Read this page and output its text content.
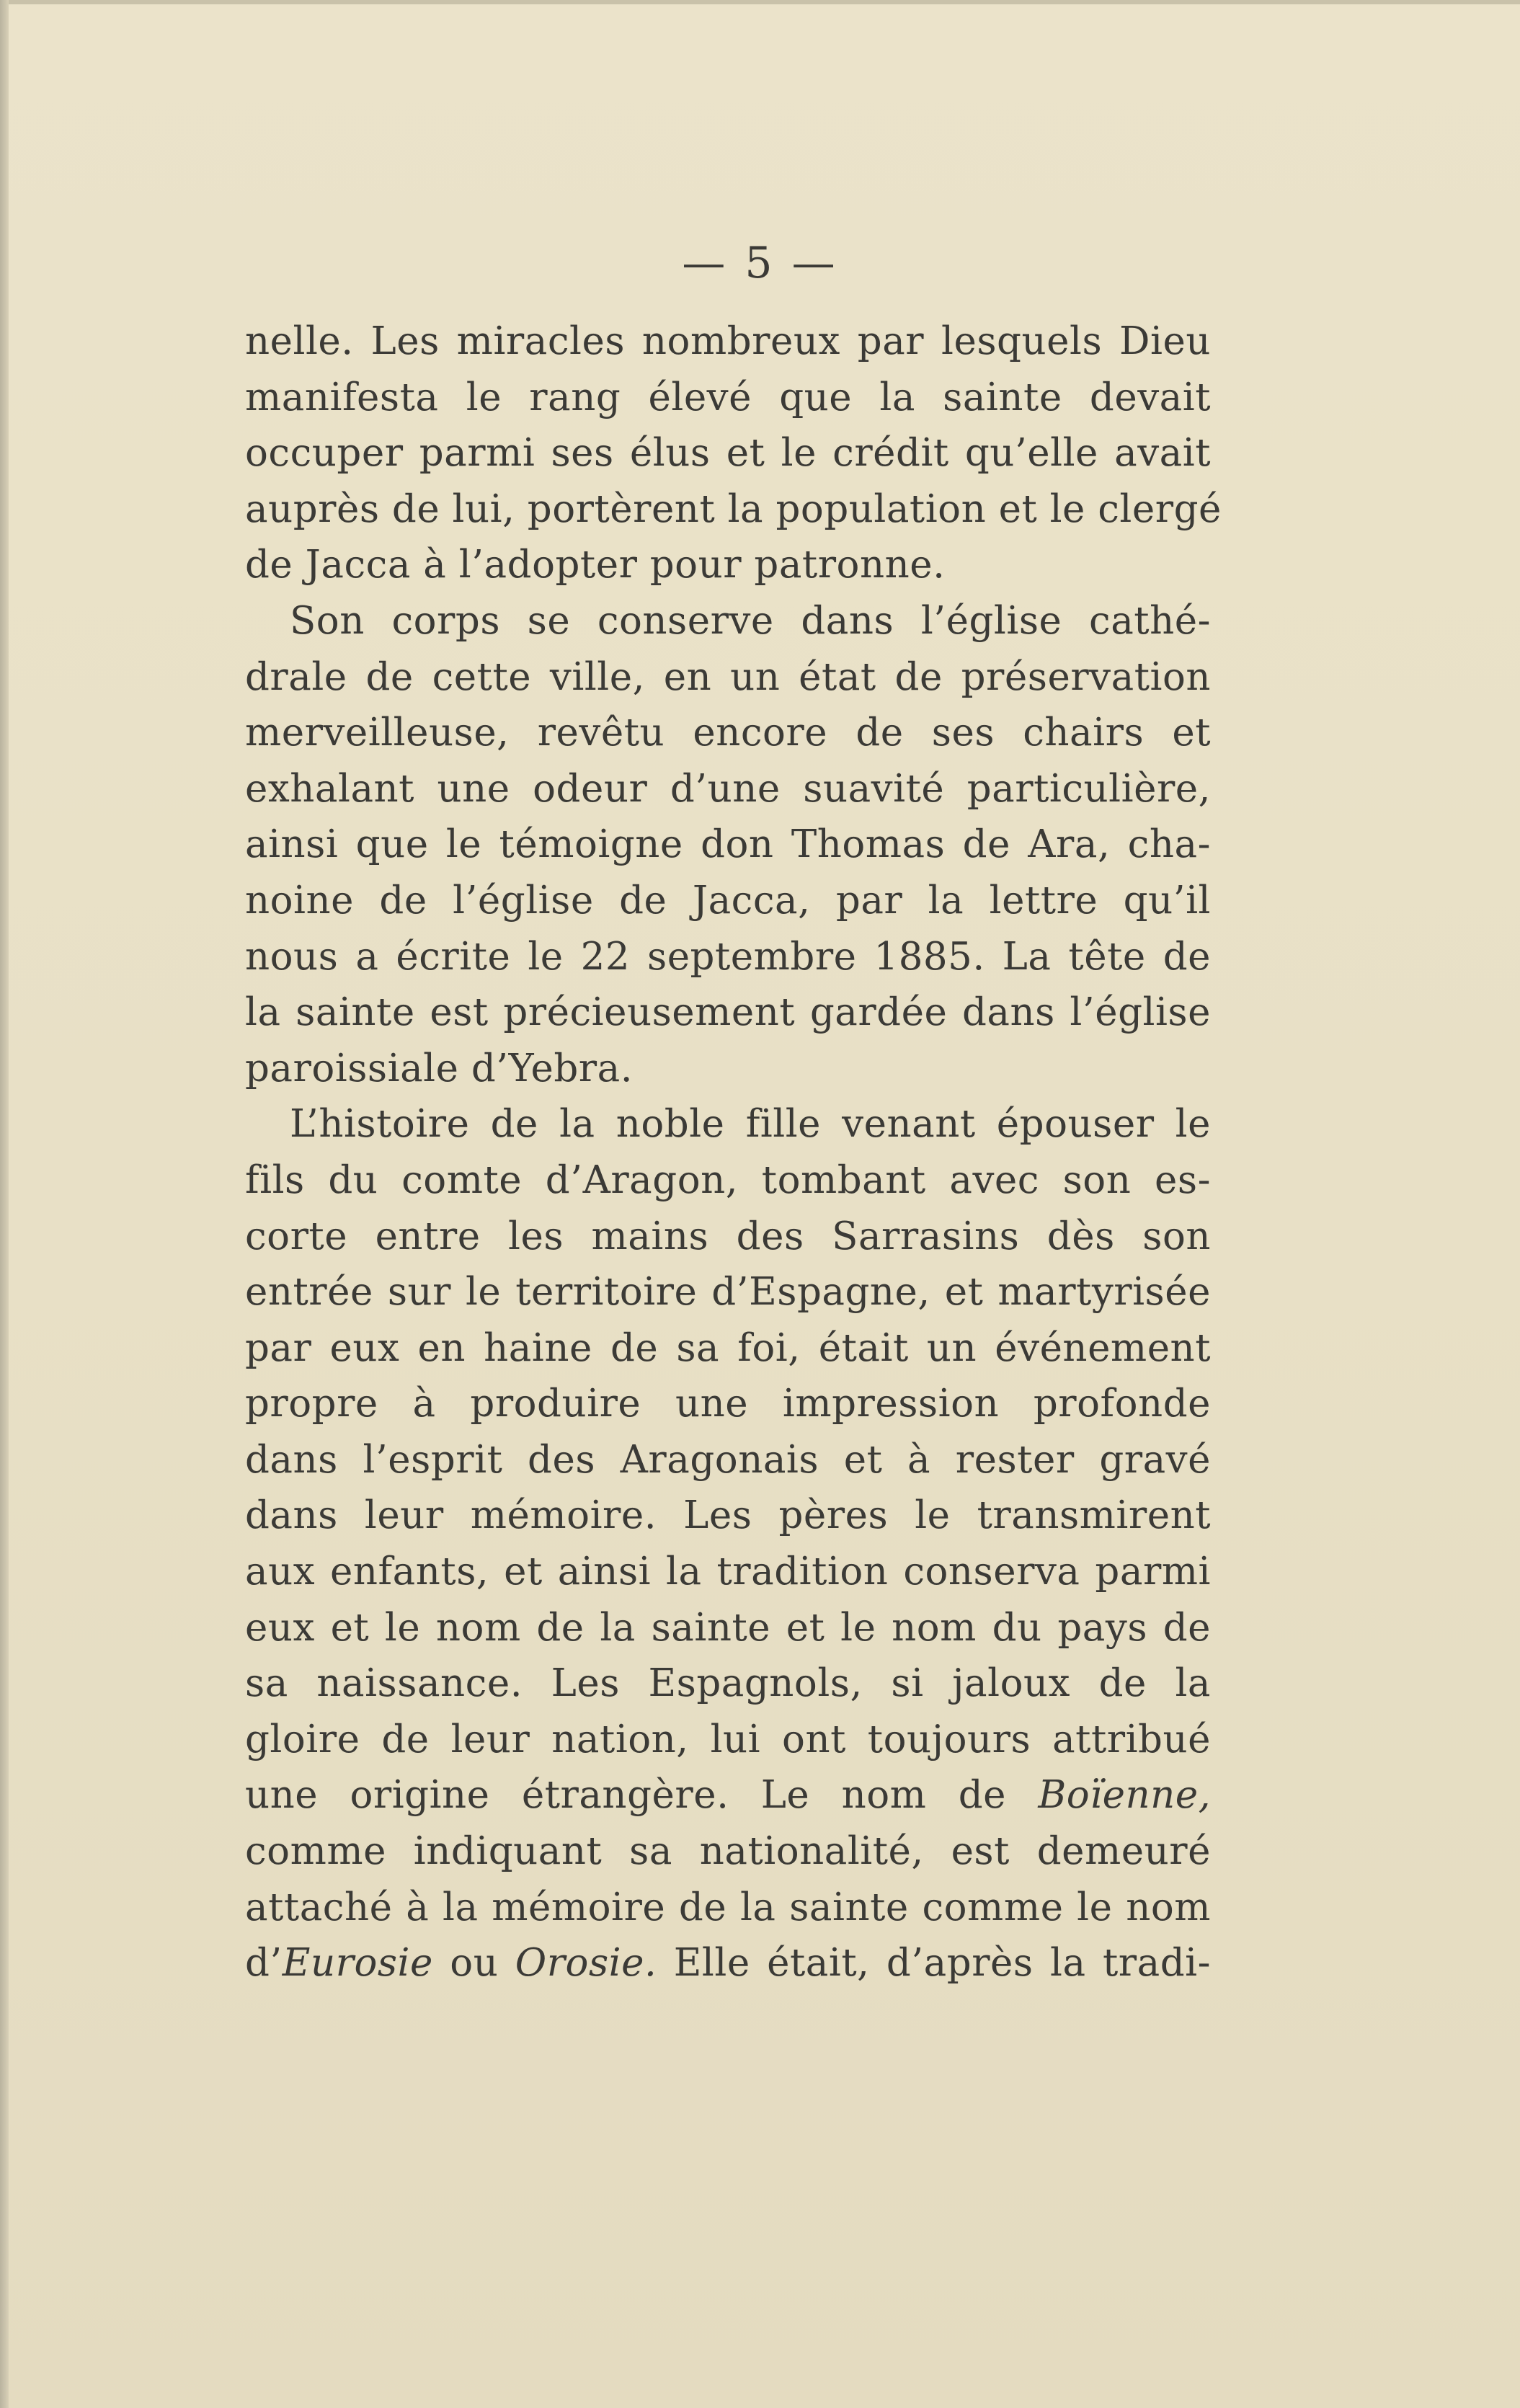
— 5 —
nelle. Les miracles nombreux par lesquels Dieu
manifesta le rang élevé que la sainte devait
occuper parmi ses élus et le crédit qu’elle avait
auprès de lui, portèrent la population et le clergé
de Jacca à l’adopter pour patronne.
Son corps se conserve dans l’église cathé-
drale de cette ville, en un état de préservation
merveilleuse, revêtu encore de ses chairs et
exhalant une odeur d’une suavité particulière,
ainsi que le témoigne don Thomas de Ara, cha-
noine de l’église de Jacca, par la lettre qu’il
nous a écrite le 22 septembre 1885. La tête de
la sainte est précieusement gardée dans l’église
paroissiale d’Yebra.
L’histoire de la noble fille venant épouser le
fils du comte d’Aragon, tombant avec son es-
corte entre les mains des Sarrasins dès son
entrée sur le territoire d’Espagne, et martyrisée
par eux en haine de sa foi, était un événement
propre à produire une impression profonde
dans l’esprit des Aragonais et à rester gravé
dans leur mémoire. Les pères le transmirent
aux enfants, et ainsi la tradition conserva parmi
eux et le nom de la sainte et le nom du pays de
sa naissance. Les Espagnols, si jaloux de la
gloire de leur nation, lui ont toujours attribué
une origine étrangère. Le nom de Boïenne,
comme indiquant sa nationalité, est demeuré
attaché à la mémoire de la sainte comme le nom
d’Eurosie ou Orosie. Elle était, d’après la tradi-
